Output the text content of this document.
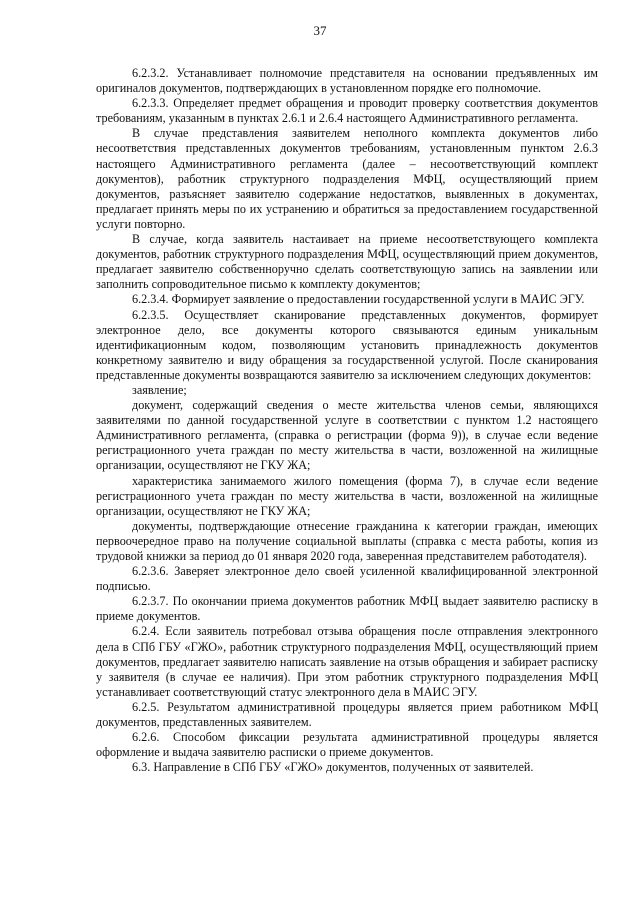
37

6.2.3.2. Устанавливает полномочие представителя на основании предъявленных им оригиналов документов, подтверждающих в установленном порядке его полномочие.

6.2.3.3. Определяет предмет обращения и проводит проверку соответствия документов требованиям, указанным в пунктах 2.6.1 и 2.6.4 настоящего Административного регламента.

В случае представления заявителем неполного комплекта документов либо несоответствия представленных документов требованиям, установленным пунктом 2.6.3 настоящего Административного регламента (далее – несоответствующий комплект документов), работник структурного подразделения МФЦ, осуществляющий прием документов, разъясняет заявителю содержание недостатков, выявленных в документах, предлагает принять меры по их устранению и обратиться за предоставлением государственной услуги повторно.

В случае, когда заявитель настаивает на приеме несоответствующего комплекта документов, работник структурного подразделения МФЦ, осуществляющий прием документов, предлагает заявителю собственноручно сделать соответствующую запись на заявлении или заполнить сопроводительное письмо к комплекту документов;

6.2.3.4. Формирует заявление о предоставлении государственной услуги в МАИС ЭГУ.

6.2.3.5. Осуществляет сканирование представленных документов, формирует электронное дело, все документы которого связываются единым уникальным идентификационным кодом, позволяющим установить принадлежность документов конкретному заявителю и виду обращения за государственной услугой. После сканирования представленные документы возвращаются заявителю за исключением следующих документов:

заявление;

документ, содержащий сведения о месте жительства членов семьи, являющихся заявителями по данной государственной услуге в соответствии с пунктом 1.2 настоящего Административного регламента, (справка о регистрации (форма 9)), в случае если ведение регистрационного учета граждан по месту жительства в части, возложенной на жилищные организации, осуществляют не ГКУ ЖА;

характеристика занимаемого жилого помещения (форма 7), в случае если ведение регистрационного учета граждан по месту жительства в части, возложенной на жилищные организации, осуществляют не ГКУ ЖА;

документы, подтверждающие отнесение гражданина к категории граждан, имеющих первоочередное право на получение социальной выплаты (справка с места работы, копия из трудовой книжки за период до 01 января 2020 года, заверенная представителем работодателя).

6.2.3.6. Заверяет электронное дело своей усиленной квалифицированной электронной подписью.

6.2.3.7. По окончании приема документов работник МФЦ выдает заявителю расписку в приеме документов.

6.2.4. Если заявитель потребовал отзыва обращения после отправления электронного дела в СПб ГБУ «ГЖО», работник структурного подразделения МФЦ, осуществляющий прием документов, предлагает заявителю написать заявление на отзыв обращения и забирает расписку у заявителя (в случае ее наличия). При этом работник структурного подразделения МФЦ устанавливает соответствующий статус электронного дела в МАИС ЭГУ.

6.2.5. Результатом административной процедуры является прием работником МФЦ документов, представленных заявителем.

6.2.6. Способом фиксации результата административной процедуры является оформление и выдача заявителю расписки о приеме документов.

6.3. Направление в СПб ГБУ «ГЖО» документов, полученных от заявителей.
